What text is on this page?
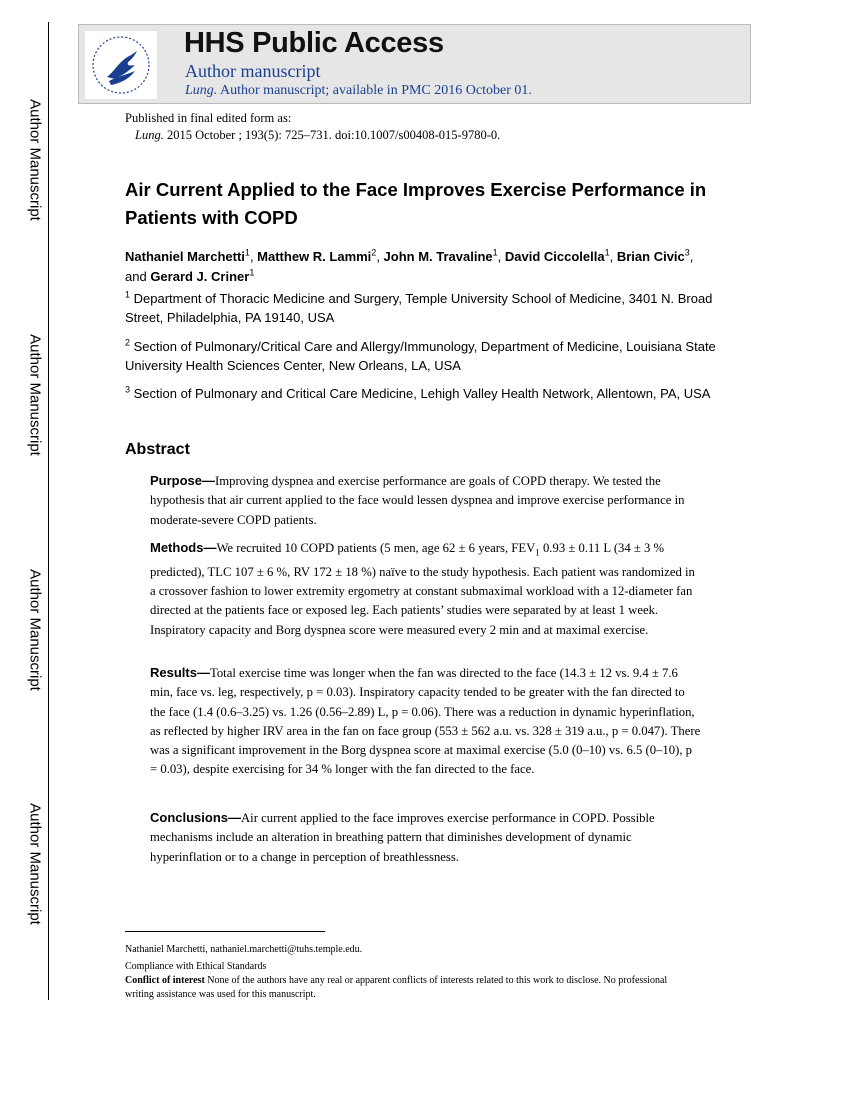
Author Manuscript
Author Manuscript
Author Manuscript
Author Manuscript
HHS Public Access
Author manuscript
Lung. Author manuscript; available in PMC 2016 October 01.
Published in final edited form as:
Lung. 2015 October ; 193(5): 725–731. doi:10.1007/s00408-015-9780-0.
Air Current Applied to the Face Improves Exercise Performance in Patients with COPD
Nathaniel Marchetti$^1$, Matthew R. Lammi$^2$, John M. Travaline$^1$, David Ciccolella$^1$, Brian Civic$^3$, and Gerard J. Criner$^1$
$^1$ Department of Thoracic Medicine and Surgery, Temple University School of Medicine, 3401 N. Broad Street, Philadelphia, PA 19140, USA
$^2$ Section of Pulmonary/Critical Care and Allergy/Immunology, Department of Medicine, Louisiana State University Health Sciences Center, New Orleans, LA, USA
$^3$ Section of Pulmonary and Critical Care Medicine, Lehigh Valley Health Network, Allentown, PA, USA
Abstract
Purpose—Improving dyspnea and exercise performance are goals of COPD therapy. We tested the hypothesis that air current applied to the face would lessen dyspnea and improve exercise performance in moderate-severe COPD patients.
Methods—We recruited 10 COPD patients (5 men, age 62 ± 6 years, $FEV_1$ 0.93 ± 0.11 L (34 ± 3 % predicted), TLC 107 ± 6 %, RV 172 ± 18 %) naïve to the study hypothesis. Each patient was randomized in a crossover fashion to lower extremity ergometry at constant submaximal workload with a 12-diameter fan directed at the patients face or exposed leg. Each patients’ studies were separated by at least 1 week. Inspiratory capacity and Borg dyspnea score were measured every 2 min and at maximal exercise.
Results—Total exercise time was longer when the fan was directed to the face (14.3 ± 12 vs. 9.4 ± 7.6 min, face vs. leg, respectively, p = 0.03). Inspiratory capacity tended to be greater with the fan directed to the face (1.4 (0.6–3.25) vs. 1.26 (0.56–2.89) L, p = 0.06). There was a reduction in dynamic hyperinflation, as reflected by higher IRV area in the fan on face group (553 ± 562 a.u. vs. 328 ± 319 a.u., p = 0.047). There was a significant improvement in the Borg dyspnea score at maximal exercise (5.0 (0–10) vs. 6.5 (0–10), p = 0.03), despite exercising for 34 % longer with the fan directed to the face.
Conclusions—Air current applied to the face improves exercise performance in COPD. Possible mechanisms include an alteration in breathing pattern that diminishes development of dynamic hyperinflation or to a change in perception of breathlessness.
Nathaniel Marchetti, nathaniel.marchetti@tuhs.temple.edu.
Compliance with Ethical Standards
Conflict of interest None of the authors have any real or apparent conflicts of interests related to this work to disclose. No professional writing assistance was used for this manuscript.
